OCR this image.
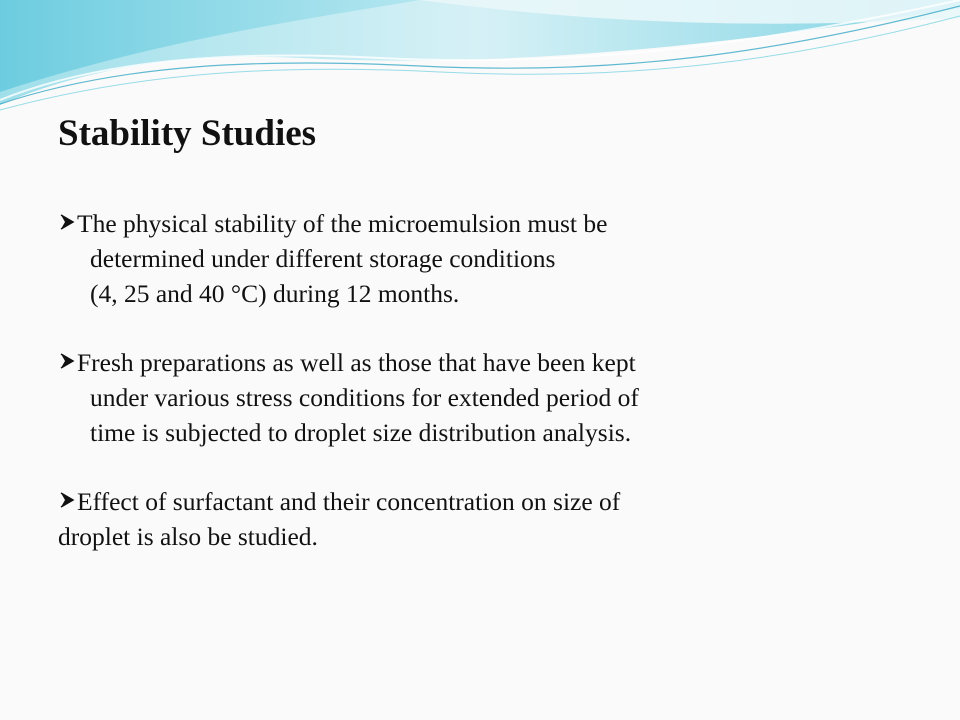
Stability Studies
The physical stability of the microemulsion must be
determined under different storage conditions
(4, 25 and 40 °C) during 12 months.
Fresh preparations as well as those that have been kept
under various stress conditions for extended period of
time is subjected to droplet size distribution analysis.
Effect of surfactant and their concentration on size of
droplet is also be studied.
